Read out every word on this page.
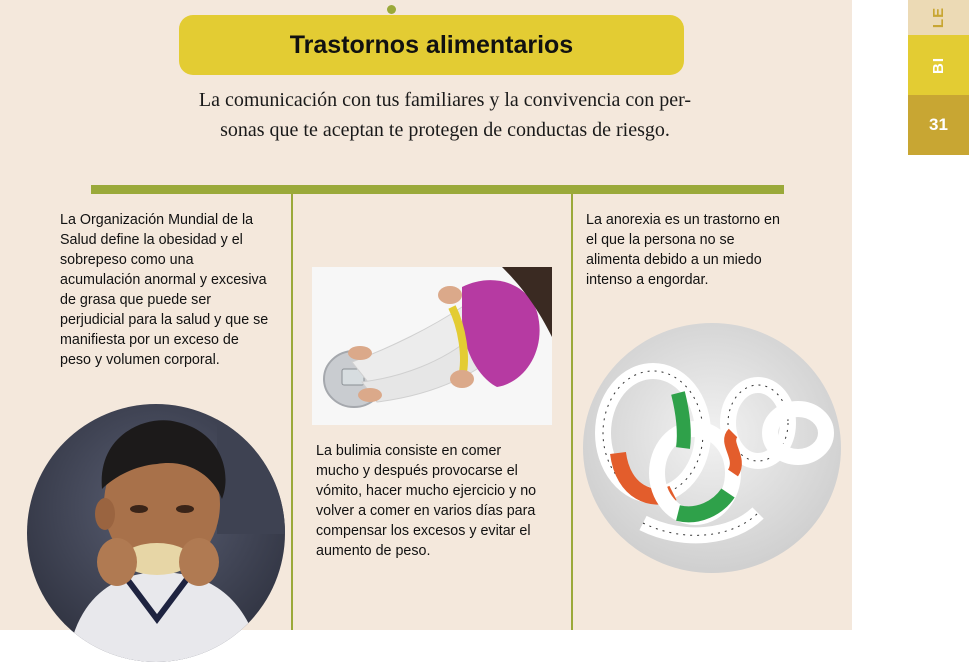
Trastornos alimentarios
La comunicación con tus familiares y la convivencia con per-
sonas que te aceptan te protegen de conductas de riesgo.
La Organización Mundial de la Salud define la obesidad y el sobrepeso como una acumulación anormal y excesiva de grasa que puede ser perjudicial para la salud y que se manifiesta por un exceso de peso y volumen corporal.
La bulimia consiste en comer mucho y después provocarse el vómito, hacer mucho ejercicio y no volver a comer en varios días para compensar los excesos y evitar el aumento de peso.
La anorexia es un trastorno en el que la persona no se alimenta debido a un miedo intenso a engordar.
LE
BI
31
